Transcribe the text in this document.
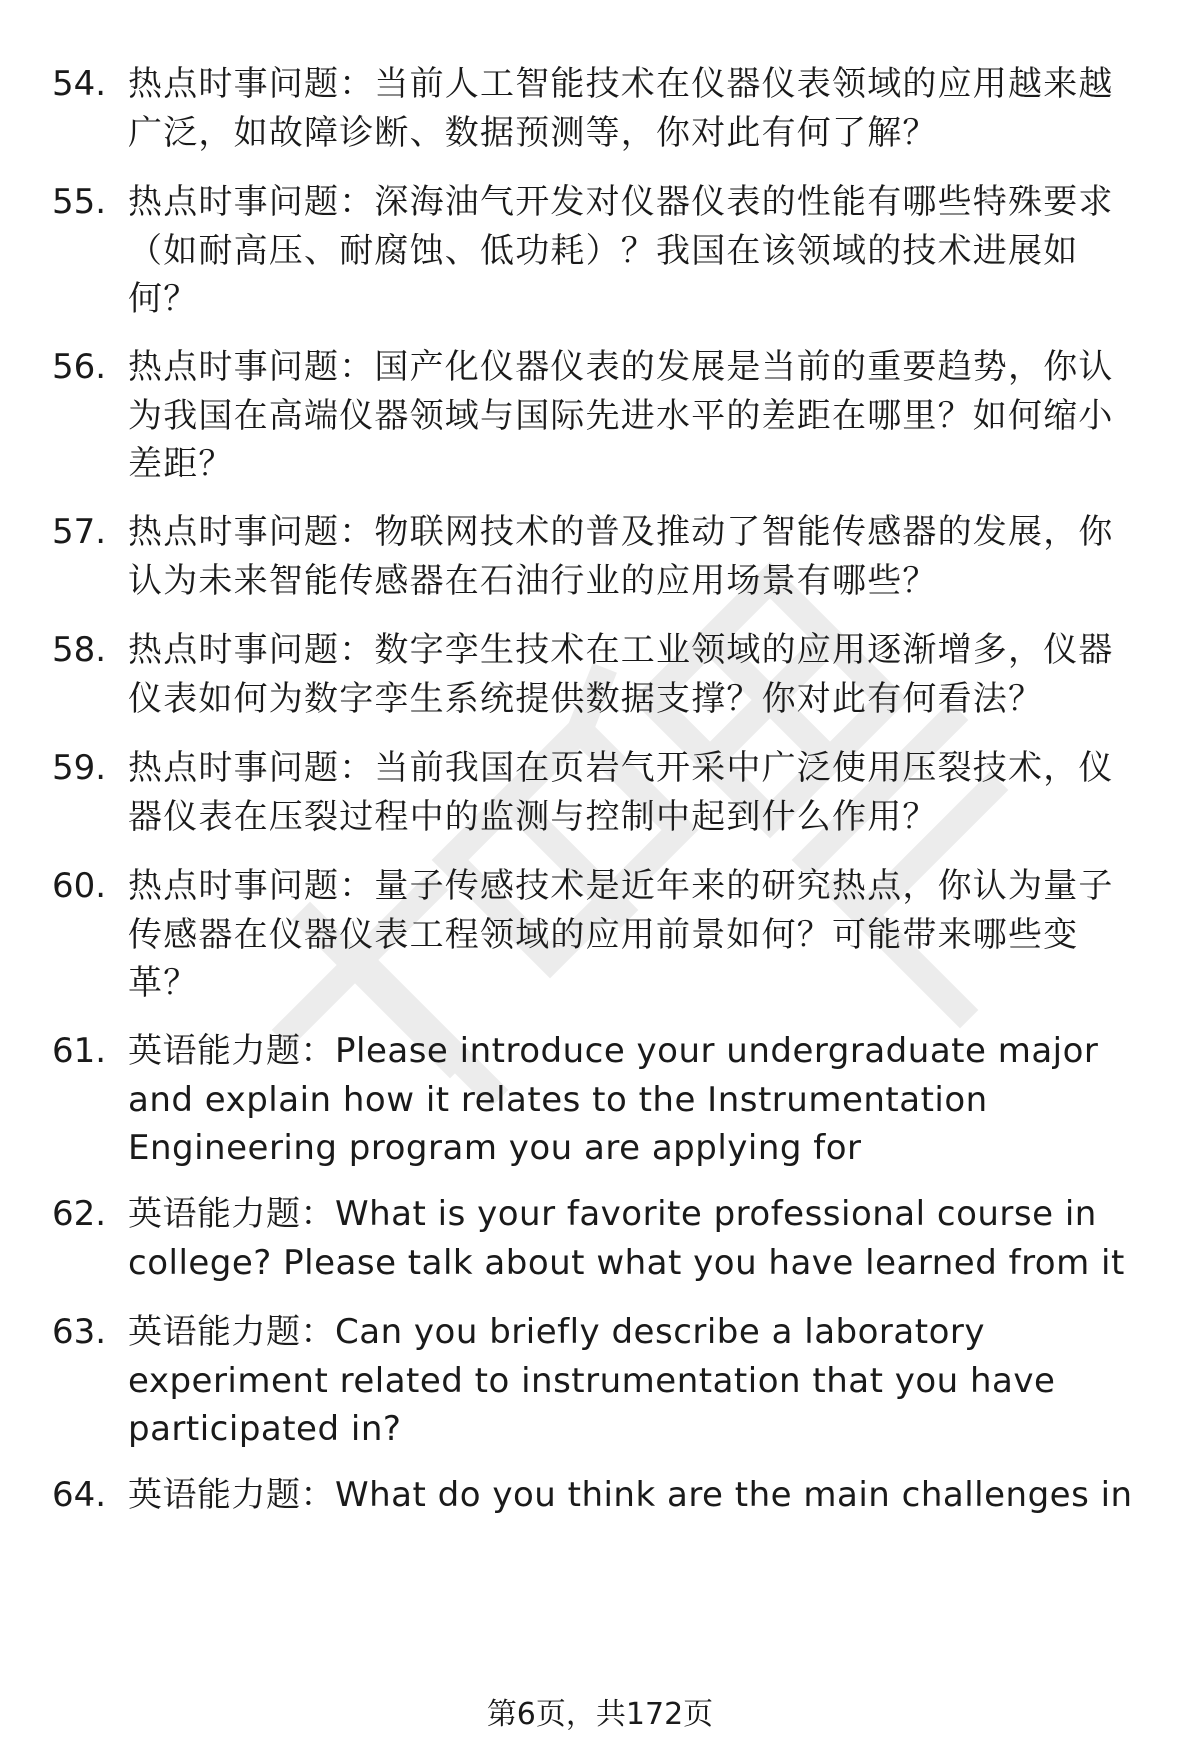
54. 热点时事问题：当前人工智能技术在仪器仪表领域的应用越来越广泛，如故障诊断、数据预测等，你对此有何了解？

55. 热点时事问题：深海油气开发对仪器仪表的性能有哪些特殊要求（如耐高压、耐腐蚀、低功耗）？我国在该领域的技术进展如何？

56. 热点时事问题：国产化仪器仪表的发展是当前的重要趋势，你认为我国在高端仪器领域与国际先进水平的差距在哪里？如何缩小差距？

57. 热点时事问题：物联网技术的普及推动了智能传感器的发展，你认为未来智能传感器在石油行业的应用场景有哪些？

58. 热点时事问题：数字孪生技术在工业领域的应用逐渐增多，仪器仪表如何为数字孪生系统提供数据支撑？你对此有何看法？

59. 热点时事问题：当前我国在页岩气开采中广泛使用压裂技术，仪器仪表在压裂过程中的监测与控制中起到什么作用？

60. 热点时事问题：量子传感技术是近年来的研究热点，你认为量子传感器在仪器仪表工程领域的应用前景如何？可能带来哪些变革？

61. 英语能力题：Please introduce your undergraduate major and explain how it relates to the Instrumentation Engineering program you are applying for

62. 英语能力题：What is your favorite professional course in college? Please talk about what you have learned from it

63. 英语能力题：Can you briefly describe a laboratory experiment related to instrumentation that you have participated in?

64. 英语能力题：What do you think are the main challenges in

第6页，共172页
